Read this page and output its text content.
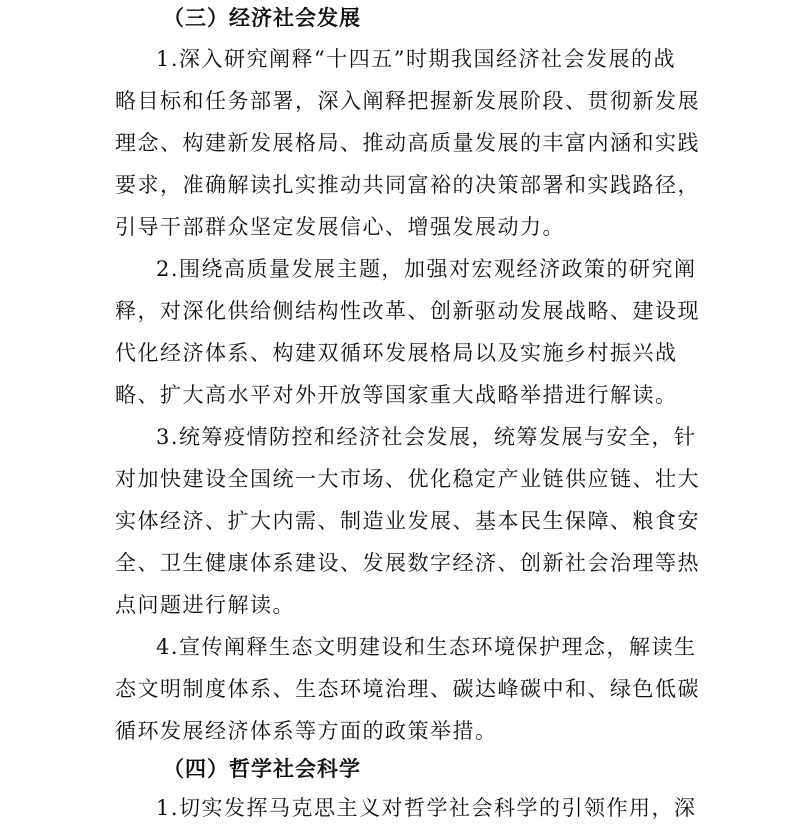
（三）经济社会发展
1.深入研究阐释“十四五”时期我国经济社会发展的战
略目标和任务部署，深入阐释把握新发展阶段、贯彻新发展
理念、构建新发展格局、推动高质量发展的丰富内涵和实践
要求，准确解读扎实推动共同富裕的决策部署和实践路径，
引导干部群众坚定发展信心、增强发展动力。
2.围绕高质量发展主题，加强对宏观经济政策的研究阐
释，对深化供给侧结构性改革、创新驱动发展战略、建设现
代化经济体系、构建双循环发展格局以及实施乡村振兴战
略、扩大高水平对外开放等国家重大战略举措进行解读。
3.统筹疫情防控和经济社会发展，统筹发展与安全，针
对加快建设全国统一大市场、优化稳定产业链供应链、壮大
实体经济、扩大内需、制造业发展、基本民生保障、粮食安
全、卫生健康体系建设、发展数字经济、创新社会治理等热
点问题进行解读。
4.宣传阐释生态文明建设和生态环境保护理念，解读生
态文明制度体系、生态环境治理、碳达峰碳中和、绿色低碳
循环发展经济体系等方面的政策举措。
（四）哲学社会科学
1.切实发挥马克思主义对哲学社会科学的引领作用，深
